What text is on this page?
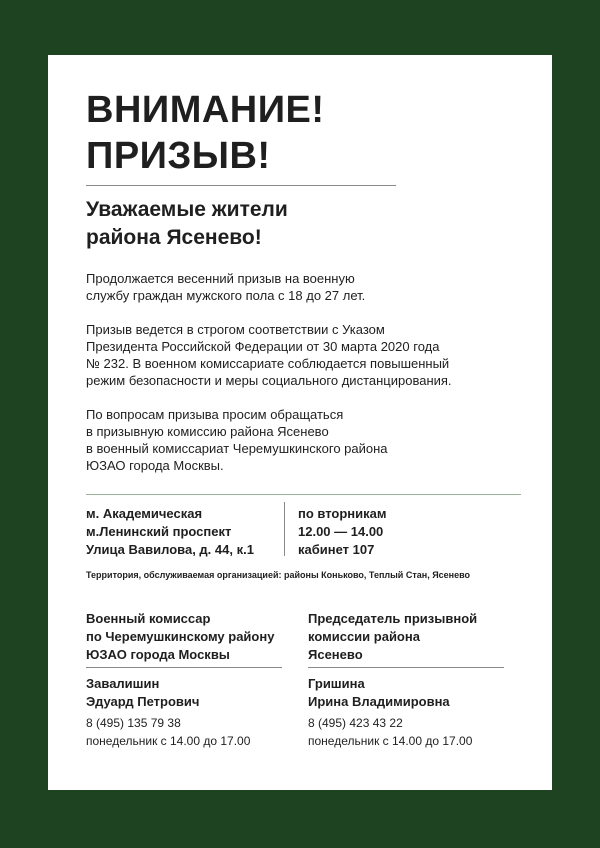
ВНИМАНИЕ!
ПРИЗЫВ!
Уважаемые жители
района Ясенево!
Продолжается весенний призыв на военную
службу граждан мужского пола с 18 до 27 лет.
Призыв ведется в строгом соответствии с Указом
Президента Российской Федерации от 30 марта 2020 года
№ 232. В военном комиссариате соблюдается повышенный
режим безопасности и меры социального дистанцирования.
По вопросам призыва просим обращаться
в призывную комиссию района Ясенево
в военный комиссариат Черемушкинского района
ЮЗАО города Москвы.
м. Академическая
м.Ленинский проспект
Улица Вавилова, д. 44, к.1
по вторникам
12.00 — 14.00
кабинет 107
Территория, обслуживаемая организацией: районы Коньково, Теплый Стан, Ясенево
Военный комиссар
по Черемушкинскому району
ЮЗАО города Москвы
Завалишин
Эдуард Петрович
8 (495) 135 79 38
понедельник с 14.00 до 17.00
Председатель призывной
комиссии района
Ясенево
Гришина
Ирина Владимировна
8 (495) 423 43 22
понедельник с 14.00 до 17.00
